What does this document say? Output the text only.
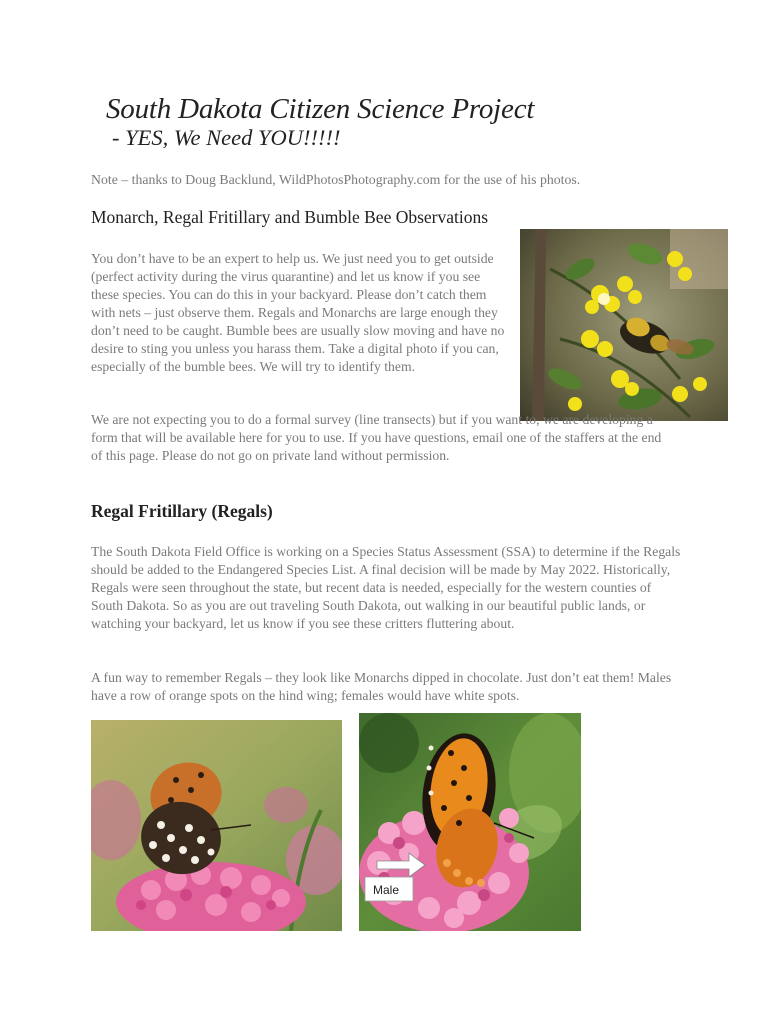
South Dakota Citizen Science Project
- YES, We Need YOU!!!!!
Note – thanks to Doug Backlund, WildPhotosPhotography.com for the use of his photos.
Monarch, Regal Fritillary and Bumble Bee Observations
You don’t have to be an expert to help us. We just need you to get outside (perfect activity during the virus quarantine) and let us know if you see these species. You can do this in your backyard. Please don’t catch them with nets – just observe them. Regals and Monarchs are large enough they don’t need to be caught. Bumble bees are usually slow moving and have no desire to sting you unless you harass them. Take a digital photo if you can, especially of the bumble bees. We will try to identify them.
We are not expecting you to do a formal survey (line transects) but if you want to, we are developing a form that will be available here for you to use. If you have questions, email one of the staffers at the end of this page. Please do not go on private land without permission.
Regal Fritillary (Regals)
The South Dakota Field Office is working on a Species Status Assessment (SSA) to determine if the Regals should be added to the Endangered Species List. A final decision will be made by May 2022. Historically, Regals were seen throughout the state, but recent data is needed, especially for the western counties of South Dakota. So as you are out traveling South Dakota, out walking in our beautiful public lands, or watching your backyard, let us know if you see these critters fluttering about.
A fun way to remember Regals – they look like Monarchs dipped in chocolate. Just don’t eat them! Males have a row of orange spots on the hind wing; females would have white spots.
Male
